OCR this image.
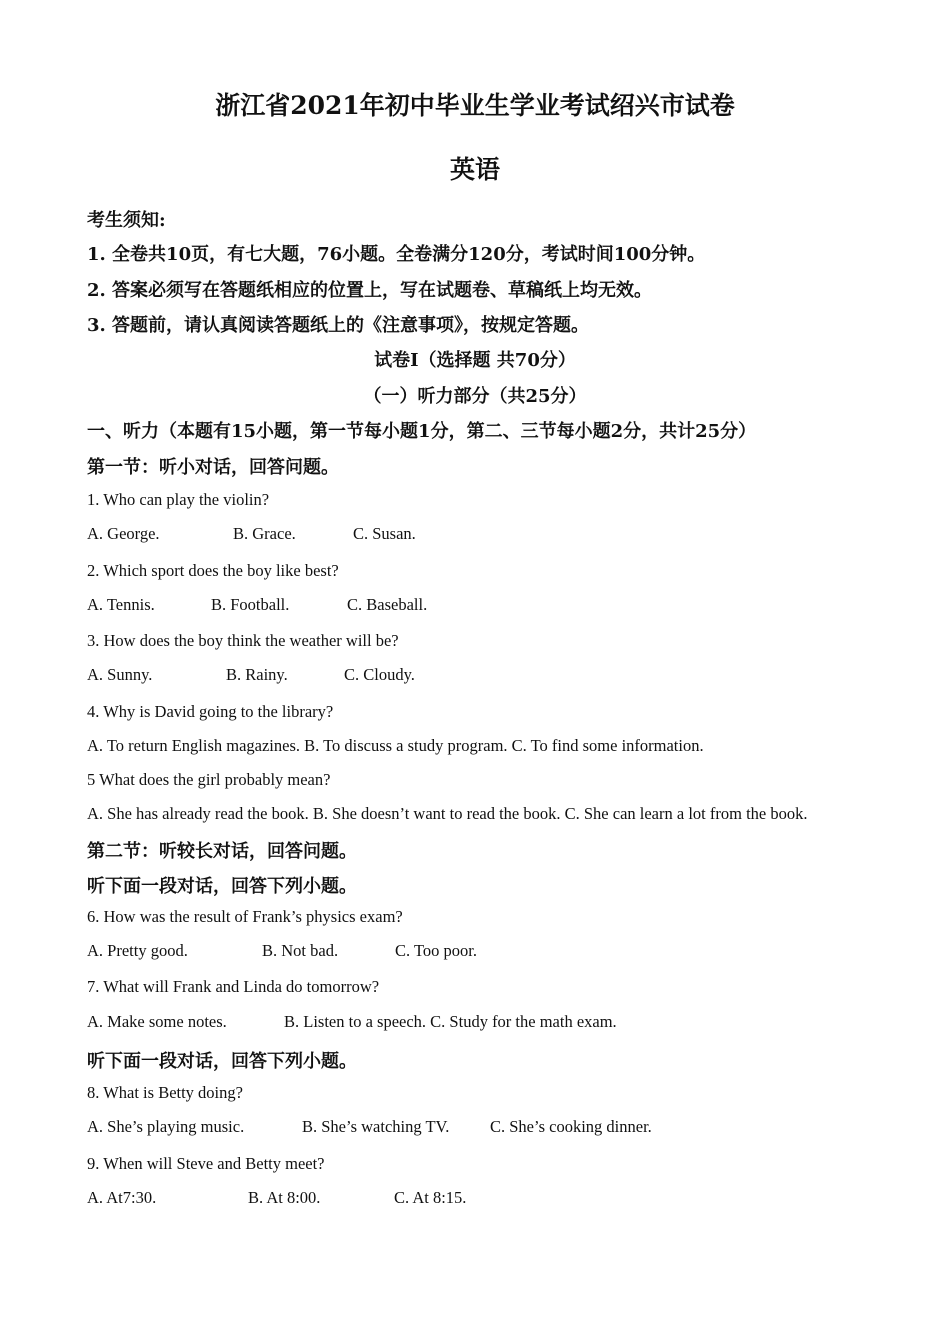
浙江省2021年初中毕业生学业考试绍兴市试卷
英语
考生须知:
1. 全卷共10页，有七大题，76小题。全卷满分120分，考试时间100分钟。
2. 答案必须写在答题纸相应的位置上，写在试题卷、草稿纸上均无效。
3. 答题前，请认真阅读答题纸上的《注意事项》，按规定答题。
试卷I（选择题 共70分）
（一）听力部分（共25分）
一、听力（本题有15小题，第一节每小题1分，第二、三节每小题2分，共计25分）
第一节：听小对话，回答问题。
1. Who can play the violin?
A. George.	B. Grace.	C. Susan.
2. Which sport does the boy like best?
A. Tennis.	B. Football.	C. Baseball.
3. How does the boy think the weather will be?
A. Sunny.	B. Rainy.	C. Cloudy.
4. Why is David going to the library?
A. To return English magazines. B. To discuss a study program. C. To find some information.
5 What does the girl probably mean?
A. She has already read the book. B. She doesn’t want to read the book. C. She can learn a lot from the book.
第二节：听较长对话，回答问题。
听下面一段对话，回答下列小题。
6. How was the result of Frank’s physics exam?
A. Pretty good.	B. Not bad.	C. Too poor.
7. What will Frank and Linda do tomorrow?
A. Make some notes.	B. Listen to a speech. C. Study for the math exam.
听下面一段对话，回答下列小题。
8. What is Betty doing?
A. She’s playing music.	B. She’s watching TV. C. She’s cooking dinner.
9. When will Steve and Betty meet?
A. At7:30.	B. At 8:00.	C. At 8:15.
